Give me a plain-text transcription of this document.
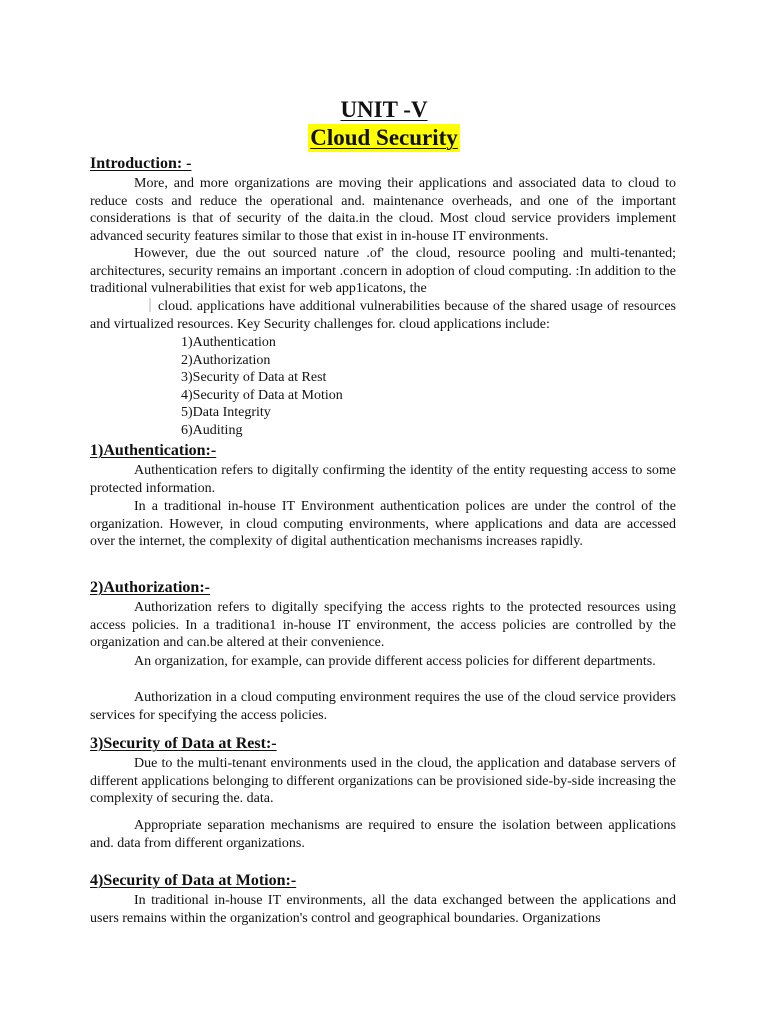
UNIT -V
Cloud Security
Introduction: -

More, and more organizations are moving their applications and associated data to cloud to reduce costs and reduce the operational and. maintenance overheads, and one of the important considerations is that of security of the daita.in the cloud. Most cloud service providers implement advanced security features similar to those that exist in in-house IT environments.

However, due the out sourced nature .of' the cloud, resource pooling and multi-tenanted; architectures, security remains an important .concern in adoption of cloud computing. :In addition to the traditional vulnerabilities that exist for web app1icatons, the

cloud. applications have additional vulnerabilities because of the shared usage of resources and virtualized resources. Key Security challenges for. cloud applications include:

1)Authentication
2)Authorization
3)Security of Data at Rest
4)Security of Data at Motion
5)Data Integrity
6)Auditing
1)Authentication:-

Authentication refers to digitally confirming the identity of the entity requesting access to some protected information.

In a traditional in-house IT Environment authentication polices are under the control of the organization. However, in cloud computing environments, where applications and data are accessed over the internet, the complexity of digital authentication mechanisms increases rapidly.

2)Authorization:-

Authorization refers to digitally specifying the access rights to the protected resources using access policies. In a traditiona1 in-house IT environment, the access policies are controlled by the organization and can.be altered at their convenience.

An organization, for example, can provide different access policies for different departments.

Authorization in a cloud computing environment requires the use of the cloud service providers services for specifying the access policies.

3)Security of Data at Rest:-

Due to the multi-tenant environments used in the cloud, the application and database servers of different applications belonging to different organizations can be provisioned side-by-side increasing the complexity of securing the. data.

Appropriate separation mechanisms are required to ensure the isolation between applications and. data from different organizations.

4)Security of Data at Motion:-

In traditional in-house IT environments, all the data exchanged between the applications and users remains within the organization's control and geographical boundaries. Organizations
